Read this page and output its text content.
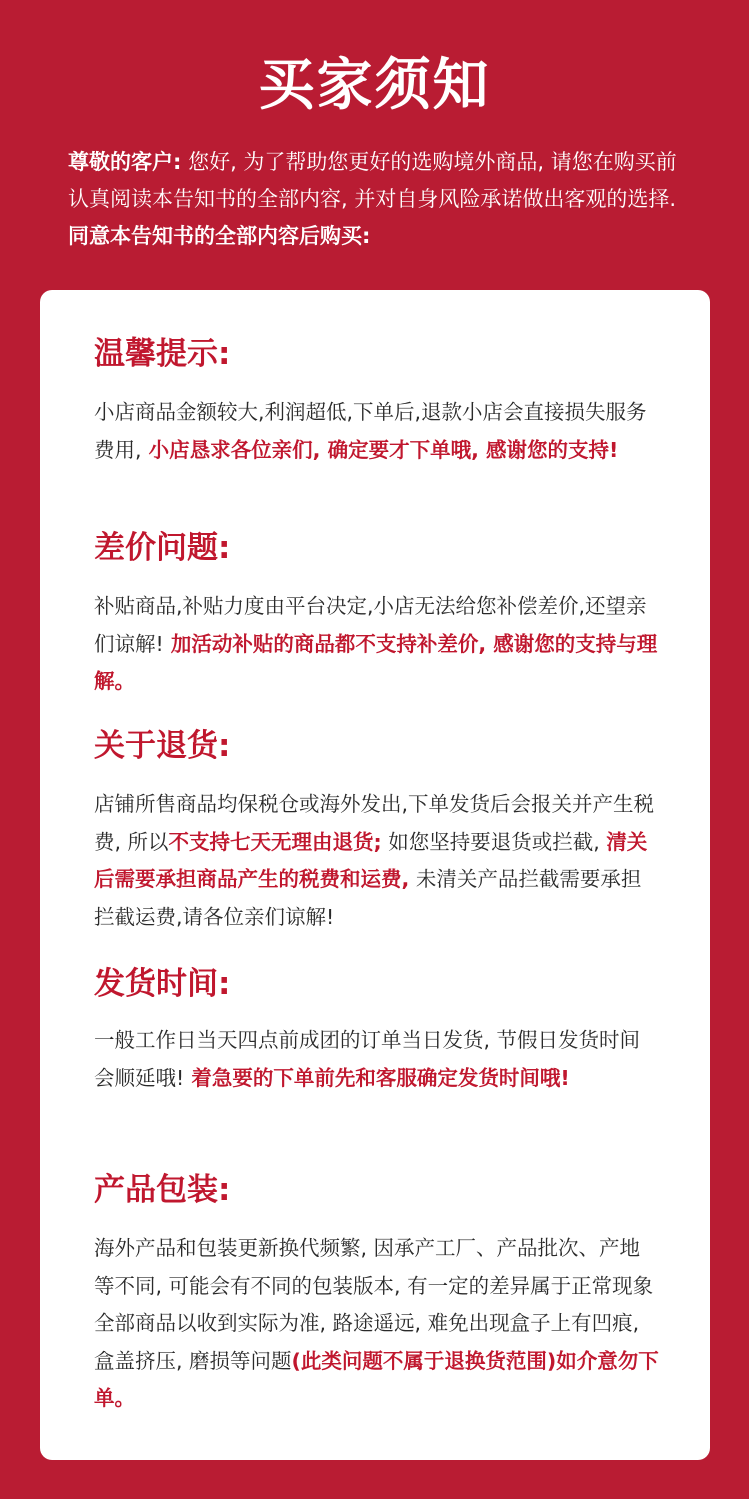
买家须知
尊敬的客户: 您好, 为了帮助您更好的选购境外商品, 请您在购买前认真阅读本告知书的全部内容, 并对自身风险承诺做出客观的选择. 同意本告知书的全部内容后购买:
温馨提示:
小店商品金额较大,利润超低,下单后,退款小店会直接损失服务费用, 小店恳求各位亲们, 确定要才下单哦, 感谢您的支持!
差价问题:
补贴商品,补贴力度由平台决定,小店无法给您补偿差价,还望亲们谅解! 加活动补贴的商品都不支持补差价, 感谢您的支持与理解。
关于退货:
店铺所售商品均保税仓或海外发出,下单发货后会报关并产生税费, 所以不支持七天无理由退货; 如您坚持要退货或拦截, 清关后需要承担商品产生的税费和运费, 未清关产品拦截需要承担拦截运费,请各位亲们谅解!
发货时间:
一般工作日当天四点前成团的订单当日发货, 节假日发货时间会顺延哦! 着急要的下单前先和客服确定发货时间哦!
产品包装:
海外产品和包装更新换代频繁, 因承产工厂、产品批次、产地等不同, 可能会有不同的包装版本, 有一定的差异属于正常现象全部商品以收到实际为准, 路途遥远, 难免出现盒子上有凹痕, 盒盖挤压, 磨损等问题(此类问题不属于退换货范围)如介意勿下单。
